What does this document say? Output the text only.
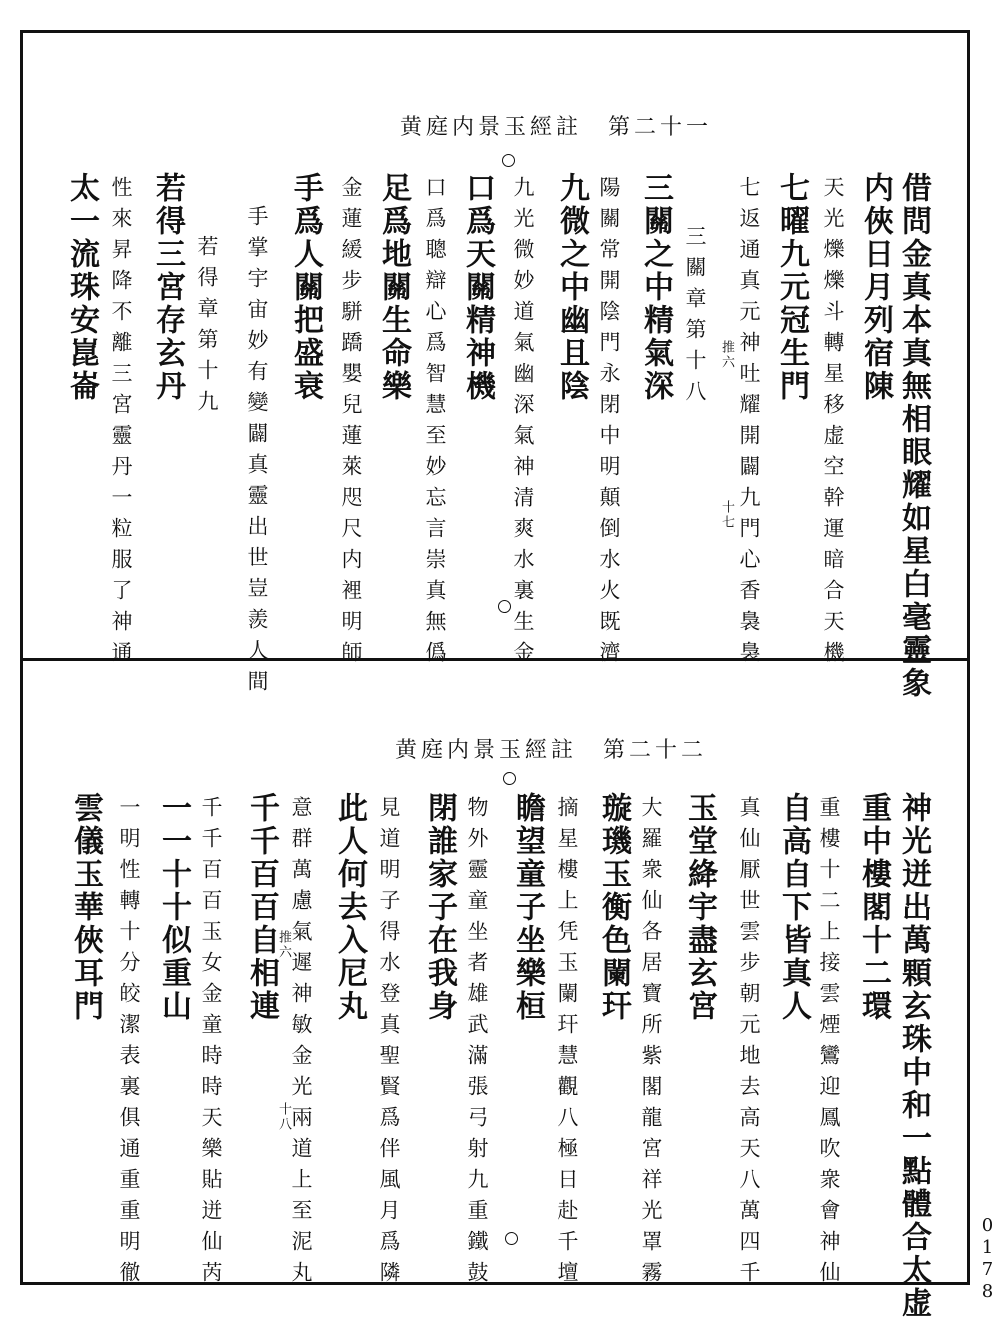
黄庭内景玉經註　第二十一
借問金真本真無相眼耀如星白毫靈象
内俠日月列宿陳
天光爍爍斗轉星移虚空幹運暗合天機
七曜九元冠生門
七返通真元神吐耀開闢九門心香裊裊
三關章第十八
三關之中精氣深
陽關常開陰門永閉中明顛倒水火既濟
九微之中幽且陰
九光微妙道氣幽深氣神清爽水裏生金
口爲天關精神機
口爲聰辯心爲智慧至妙忘言崇真無僞
足爲地關生命樂
金蓮緩步駢蹻嬰兒蓮萊咫尺内裡明師
手爲人關把盛衰
手掌宇宙妙有變闢真靈出世豈羨人間
若得章第十九
若得三宮存玄丹
性來昇降不離三宮靈丹一粒服了神通
太一流珠安崑崙	推六
十七
黄庭内景玉經註　第二十二
神光迸出萬顆玄珠中和一點體合太虚
重中樓閣十二環
重樓十二上接雲煙鸞迎鳳吹衆會神仙
自高自下皆真人
真仙厭世雲步朝元地去高天八萬四千
玉堂絳宇盡玄宮
大羅衆仙各居寶所紫閣龍宮祥光罩霧
璇璣玉衡色闌玕
摘星樓上凭玉闌玕慧觀八極日赴千壇
瞻望童子坐樂桓
物外靈童坐者雄武滿張弓射九重鐵鼓
閉誰家子在我身
見道明子得水登真聖賢爲伴風月爲隣
此人何去入尼丸
意群萬慮氣遲神敏金光兩道上至泥丸
千千百百自相連
千千百百玉女金童時時天樂貼迸仙芮
一一十十似重山
一明性轉十分皎潔表裏俱通重重明徹
雲儀玉華俠耳門	推六
十八
0178
